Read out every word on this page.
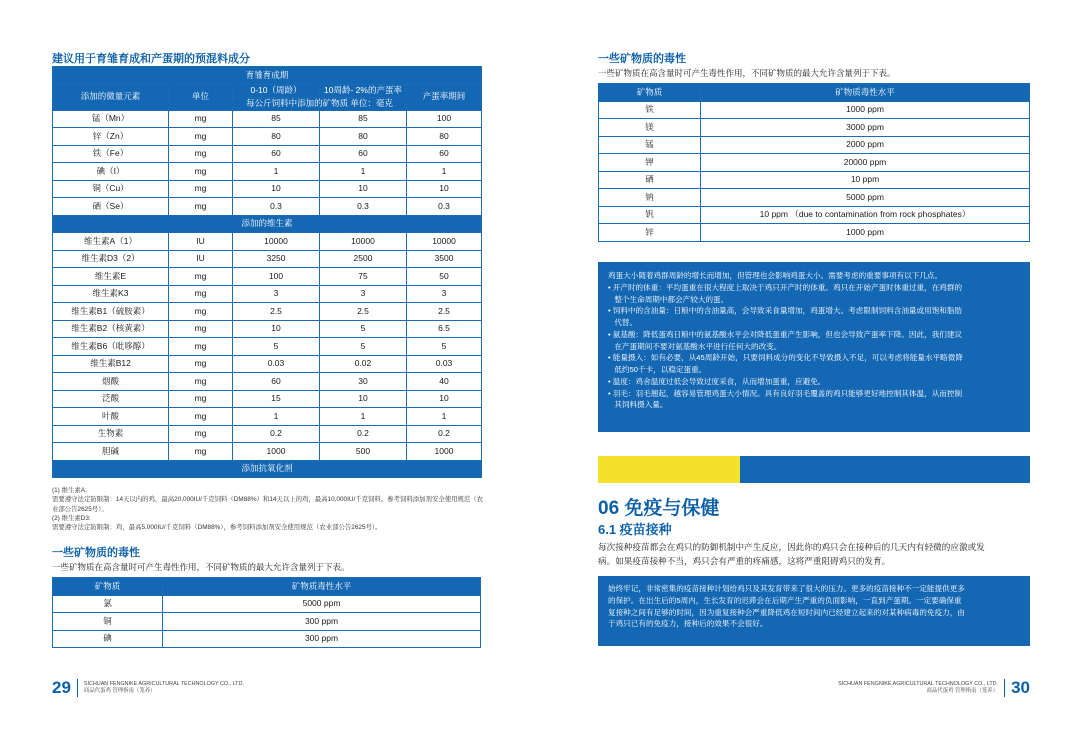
建议用于育雏育成和产蛋期的预混料成分
育雏育成期				
添加的微量元素	单位	0-10（周龄）	10周龄- 2%的产蛋率	产蛋率期间
		每公斤饲料中添加的矿物质 单位：毫克		
锰（Mn）	mg	85	85	100
锌（Zn）	mg	80	80	80
铁（Fe）	mg	60	60	60
碘（I）	mg	1	1	1
铜（Cu）	mg	10	10	10
硒（Se）	mg	0.3	0.3	0.3
添加的维生素				
维生素A（1）	IU	10000	10000	10000
维生素D3（2）	IU	3250	2500	3500
维生素E	mg	100	75	50
维生素K3	mg	3	3	3
维生素B1（硫胺素）	mg	2.5	2.5	2.5
维生素B2（核黄素）	mg	10	5	6.5
维生素B6（吡哆醇）	mg	5	5	5
维生素B12	mg	0.03	0.02	0.03
烟酸	mg	60	30	40
泛酸	mg	15	10	10
叶酸	mg	1	1	1
生物素	mg	0.2	0.2	0.2
胆碱	mg	1000	500	1000
添加抗氧化剂				
(1) 维生素A:
需要遵守法定防限制：14天以内的鸡，最高20,000IU/千克饲料（DM88%）和14天以上的鸡，最高10,000IU/千克饲料。参考饲料添加剂安全使用规范（农业部公告2625号）。
(2) 维生素D3:
需要遵守法定防限制：鸡，最高5,000IU/千克饲料（DM88%），参考饲料添加剂安全使用规范（农业部公告2625号）。
一些矿物质的毒性
一些矿物质在高含量时可产生毒性作用，不同矿物质的最大允许含量列于下表。
矿物质	矿物质毒性水平
氯	5000 ppm
铜	300 ppm
碘	300 ppm
29 SICHUAN FENGNIKE AGRICULTURAL TECHNOLOGY CO., LTD.
商品代蛋鸡 管理指南（笼养）
一些矿物质的毒性
一些矿物质在高含量时可产生毒性作用，不同矿物质的最大允许含量列于下表。
矿物质	矿物质毒性水平
铁	1000 ppm
镁	3000 ppm
锰	2000 ppm
钾	20000 ppm
硒	10 ppm
钠	5000 ppm
钒	10 ppm （due to contamination from rock phosphates）
锌	1000 ppm
鸡蛋大小随着鸡群周龄的增长而增加，但管理也会影响鸡蛋大小。需要考虑的重要事项有以下几点。
• 开产时的体重：平均蛋重在很大程度上取决于鸡只开产时的体重。鸡只在开始产蛋时体重过重，在鸡群的
整个生命周期中都会产较大的蛋。
• 饲料中的含油量：日粮中的含油量高，会导致采食量增加，鸡蛋增大。考虑限制饲料含油量或用饱和脂肪
代替。
• 氨基酸：降低蛋鸡日粮中的氨基酸水平会对降低蛋重产生影响，但也会导致产蛋率下降。因此，我们建议
在产蛋期间不要对氨基酸水平进行任何大的改变。
• 能量摄入：如有必要，从45周龄开始，只要饲料成分的变化不导致摄入不足，可以考虑将能量水平略微降
低约50千卡，以稳定蛋重。
• 温度：鸡舍温度过低会导致过度采食，从而增加蛋重，应避免。
• 羽毛：羽毛翘起，越容易管理鸡蛋大小情况。具有良好羽毛覆盖的鸡只能够更好地控制其体温，从而控制
其饲料摄入量。
06 免疫与保健
6.1 疫苗接种
每次接种疫苗都会在鸡只的防御机制中产生反应，因此你的鸡只会在接种后的几天内有轻微的应激或发
病。如果疫苗接种不当，鸡只会有严重的疼痛感，这将严重阻碍鸡只的发育。
始终牢记，非常密集的疫苗接种计划给鸡只及其发育带来了很大的压力。更多的疫苗接种不一定能提供更多
的保护。在出生后的5周内，生长发育的迟滞会在后期产生严重的负面影响，一直到产蛋期。一定要确保重
复接种之间有足够的时间，因为重复接种会严重降低鸡在短时间内已经建立起来的对某种病毒的免疫力，由
于鸡只已有的免疫力，接种后的效果不会很好。
SICHUAN FENGNIKE AGRICULTURAL TECHNOLOGY CO., LTD.
商品代蛋鸡 管理指南（笼养） 30
